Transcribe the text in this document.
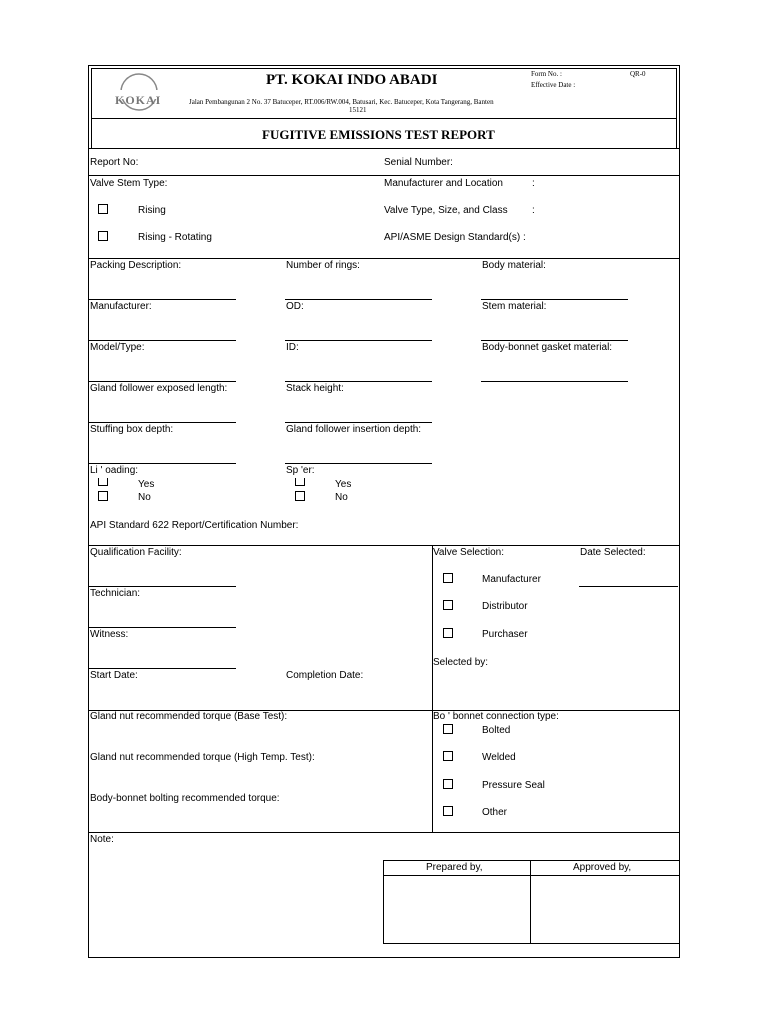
KOKAI
PT. KOKAI INDO ABADI
Jalan Pembangunan 2 No. 37 Batuceper, RT.006/RW.004, Batusari, Kec. Batuceper, Kota Tangerang, Banten
15121
Form No. :	QR-0
Effective Date :
FUGITIVE EMISSIONS TEST REPORT
Report No:	Senial Number:
Valve Stem Type:
Rising
Rising - Rotating
Manufacturer and Location	:
Valve Type, Size, and Class :
API/ASME Design Standard(s) :
Packing Description:
Manufacturer:
Model/Type:
Gland follower exposed length:
Stuffing box depth:
Li ' oading:
Yes
No
Number of rings:
OD:
ID:
Stack height:
Gland follower insertion depth:
Sp 'er:
Yes
No
Body material:
Stem material:
Body-bonnet gasket material:
API Standard 622 Report/Certification Number:
Qualification Facility:
Technician:
Witness:
Start Date:	Completion Date:
Valve Selection:	Date Selected:
Manufacturer
Distributor
Purchaser
Selected by:
Gland nut recommended torque (Base Test):
Gland nut recommended torque (High Temp. Test):
Body-bonnet bolting recommended torque:
Bo ' bonnet connection type:
Bolted
Welded
Pressure Seal
Other
Note:
Prepared by,	Approved by,
